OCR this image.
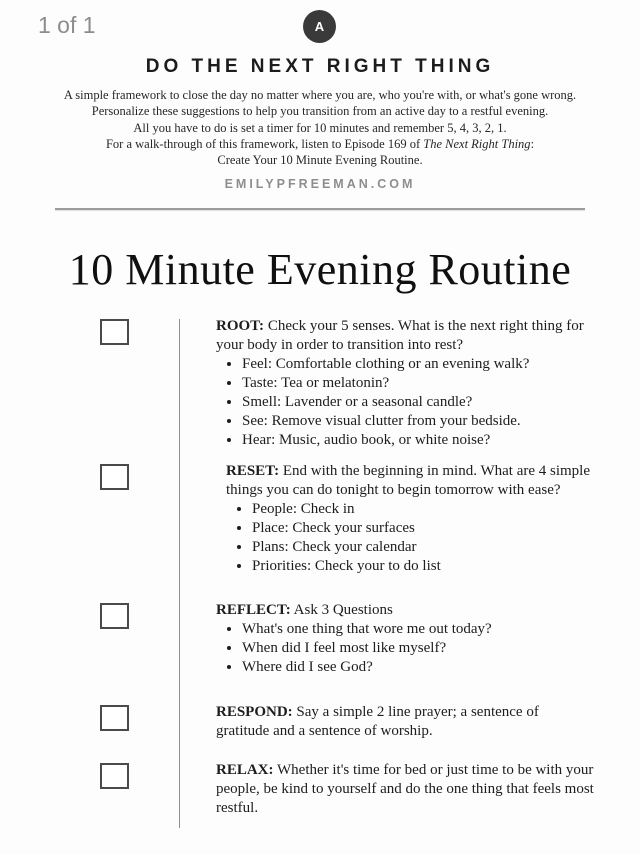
1 of 1	A
DO THE NEXT RIGHT THING

A simple framework to close the day no matter where you are, who you're with, or what's gone wrong. Personalize these suggestions to help you transition from an active day to a restful evening.

All you have to do is set a timer for 10 minutes and remember 5, 4, 3, 2, 1.

For a walk-through of this framework, listen to Episode 169 of The Next Right Thing:

Create Your 10 Minute Evening Routine.

EMILYPFREEMAN.COM
10 Minute Evening Routine

ROOT: Check your 5 senses. What is the next right thing for your body in order to transition into rest?

• Feel: Comfortable clothing or an evening walk?
• Taste: Tea or melatonin?
• Smell: Lavender or a seasonal candle?
• See: Remove visual clutter from your bedside.
• Hear: Music, audio book, or white noise?

RESET: End with the beginning in mind. What are 4 simple things you can do tonight to begin tomorrow with ease?

• People: Check in
• Place: Check your surfaces
• Plans: Check your calendar
• Priorities: Check your to do list

REFLECT: Ask 3 Questions

• What's one thing that wore me out today?
• When did I feel most like myself?
• Where did I see God?

RESPOND: Say a simple 2 line prayer; a sentence of gratitude and a sentence of worship.

RELAX: Whether it's time for bed or just time to be with your people, be kind to yourself and do the one thing that feels most restful.
